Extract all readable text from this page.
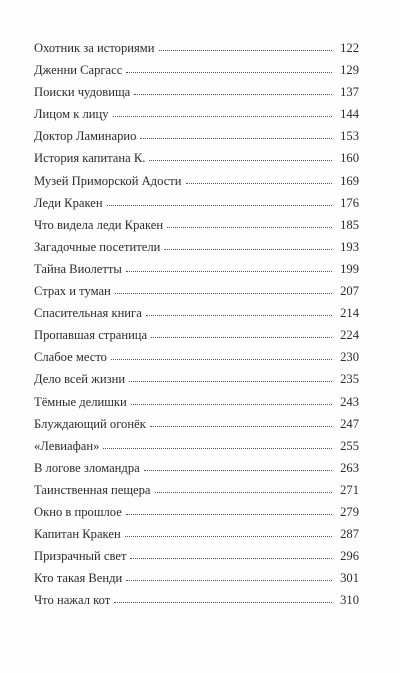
Охотник за историями	122
Дженни Саргасс	129
Поиски чудовища	137
Лицом к лицу	144
Доктор Ламинарио	153
История капитана К.	160
Музей Приморской Адости	169
Леди Кракен	176
Что видела леди Кракен	185
Загадочные посетители	193
Тайна Виолетты	199
Страх и туман	207
Спасительная книга	214
Пропавшая страница	224
Слабое место	230
Дело всей жизни	235
Тёмные делишки	243
Блуждающий огонёк	247
«Левиафан»	255
В логове зломандра	263
Таинственная пещера	271
Окно в прошлое	279
Капитан Кракен	287
Призрачный свет	296
Кто такая Венди	301
Что нажал кот	310
